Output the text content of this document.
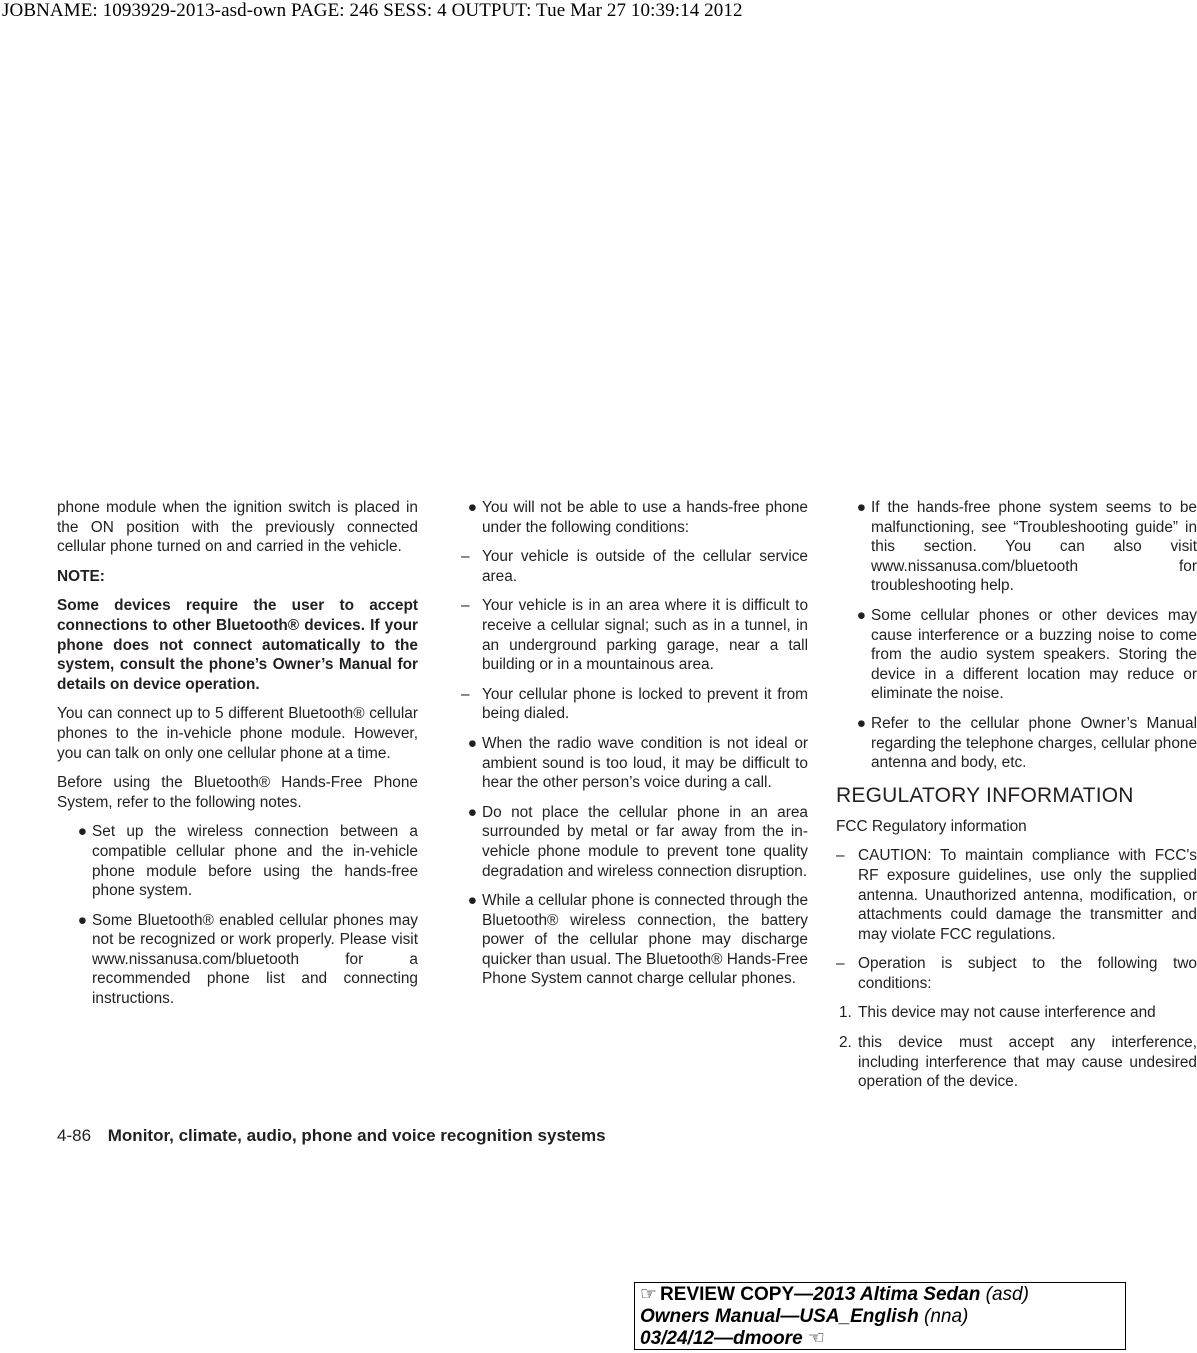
JOBNAME: 1093929-2013-asd-own PAGE: 246 SESS: 4 OUTPUT: Tue Mar 27 10:39:14 2012

phone module when the ignition switch is placed in the ON position with the previously connected cellular phone turned on and carried in the vehicle.

NOTE:

Some devices require the user to accept connections to other Bluetooth® devices. If your phone does not connect automatically to the system, consult the phone’s Owner’s Manual for details on device operation.

You can connect up to 5 different Bluetooth® cellular phones to the in-vehicle phone module. However, you can talk on only one cellular phone at a time.

Before using the Bluetooth® Hands-Free Phone System, refer to the following notes.

● Set up the wireless connection between a compatible cellular phone and the in-vehicle phone module before using the hands-free phone system.
● Some Bluetooth® enabled cellular phones may not be recognized or work properly. Please visit www.nissanusa.com/bluetooth for a recommended phone list and connecting instructions.
● You will not be able to use a hands-free phone under the following conditions:
– Your vehicle is outside of the cellular service area.
– Your vehicle is in an area where it is difficult to receive a cellular signal; such as in a tunnel, in an underground parking garage, near a tall building or in a mountainous area.
– Your cellular phone is locked to prevent it from being dialed.
● When the radio wave condition is not ideal or ambient sound is too loud, it may be difficult to hear the other person’s voice during a call.
● Do not place the cellular phone in an area surrounded by metal or far away from the in-vehicle phone module to prevent tone quality degradation and wireless connection disruption.
● While a cellular phone is connected through the Bluetooth® wireless connection, the battery power of the cellular phone may discharge quicker than usual. The Bluetooth® Hands-Free Phone System cannot charge cellular phones.
● If the hands-free phone system seems to be malfunctioning, see “Troubleshooting guide” in this section. You can also visit www.nissanusa.com/bluetooth for troubleshooting help.
● Some cellular phones or other devices may cause interference or a buzzing noise to come from the audio system speakers. Storing the device in a different location may reduce or eliminate the noise.
● Refer to the cellular phone Owner’s Manual regarding the telephone charges, cellular phone antenna and body, etc.
REGULATORY INFORMATION

FCC Regulatory information

– CAUTION: To maintain compliance with FCC's RF exposure guidelines, use only the supplied antenna. Unauthorized antenna, modification, or attachments could damage the transmitter and may violate FCC regulations.
– Operation is subject to the following two conditions:
1. This device may not cause interference and
2. this device must accept any interference, including interference that may cause undesired operation of the device.
4-86 Monitor, climate, audio, phone and voice recognition systems
☞ REVIEW COPY—2013 Altima Sedan (asd)
Owners Manual—USA_English (nna)
03/24/12—dmoore ☜
